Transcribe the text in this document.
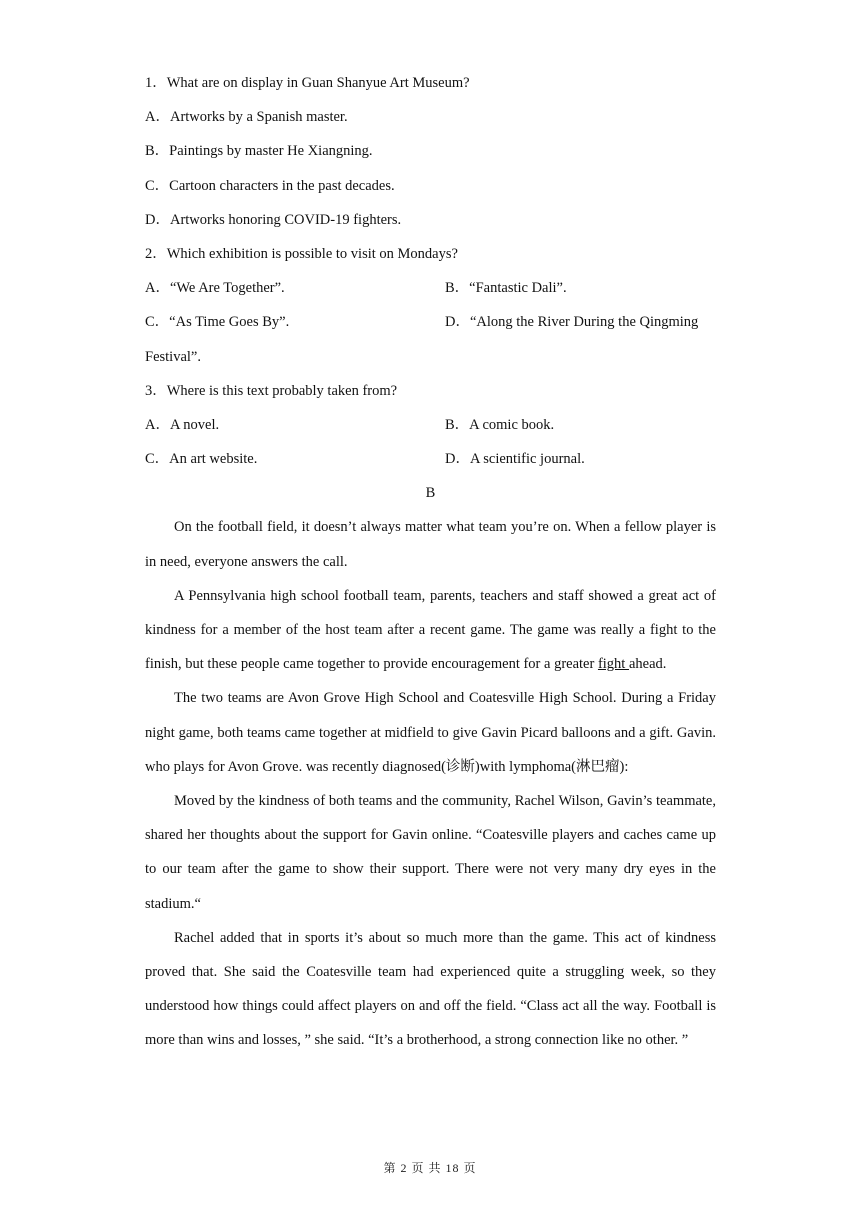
1．What are on display in Guan Shanyue Art Museum?
A．Artworks by a Spanish master.
B．Paintings by master He Xiangning.
C．Cartoon characters in the past decades.
D．Artworks honoring COVID-19 fighters.
2．Which exhibition is possible to visit on Mondays?
A．“We Are Together”.	B．“Fantastic Dali”.
C．“As Time Goes By”.	D．“Along the River During the Qingming
Festival”.
3．Where is this text probably taken from?
A．A novel.	B．A comic book.
C．An art website.	D．A scientific journal.
B

On the football field, it doesn’t always matter what team you’re on. When a fellow player is in need, everyone answers the call.

A Pennsylvania high school football team, parents, teachers and staff showed a great act of kindness for a member of the host team after a recent game. The game was really a fight to the finish, but these people came together to provide encouragement for a greater fight ahead.

The two teams are Avon Grove High School and Coatesville High School. During a Friday night game, both teams came together at midfield to give Gavin Picard balloons and a gift. Gavin. who plays for Avon Grove. was recently diagnosed(诊断)with lymphoma(淋巴瘤):

Moved by the kindness of both teams and the community, Rachel Wilson, Gavin’s teammate, shared her thoughts about the support for Gavin online. “Coatesville players and caches came up to our team after the game to show their support. There were not very many dry eyes in the stadium.“

Rachel added that in sports it’s about so much more than the game. This act of kindness proved that. She said the Coatesville team had experienced quite a struggling week, so they understood how things could affect players on and off the field. “Class act all the way. Football is more than wins and losses, ” she said. “It’s a brotherhood, a strong connection like no other. ”

第 2 页 共 18 页
